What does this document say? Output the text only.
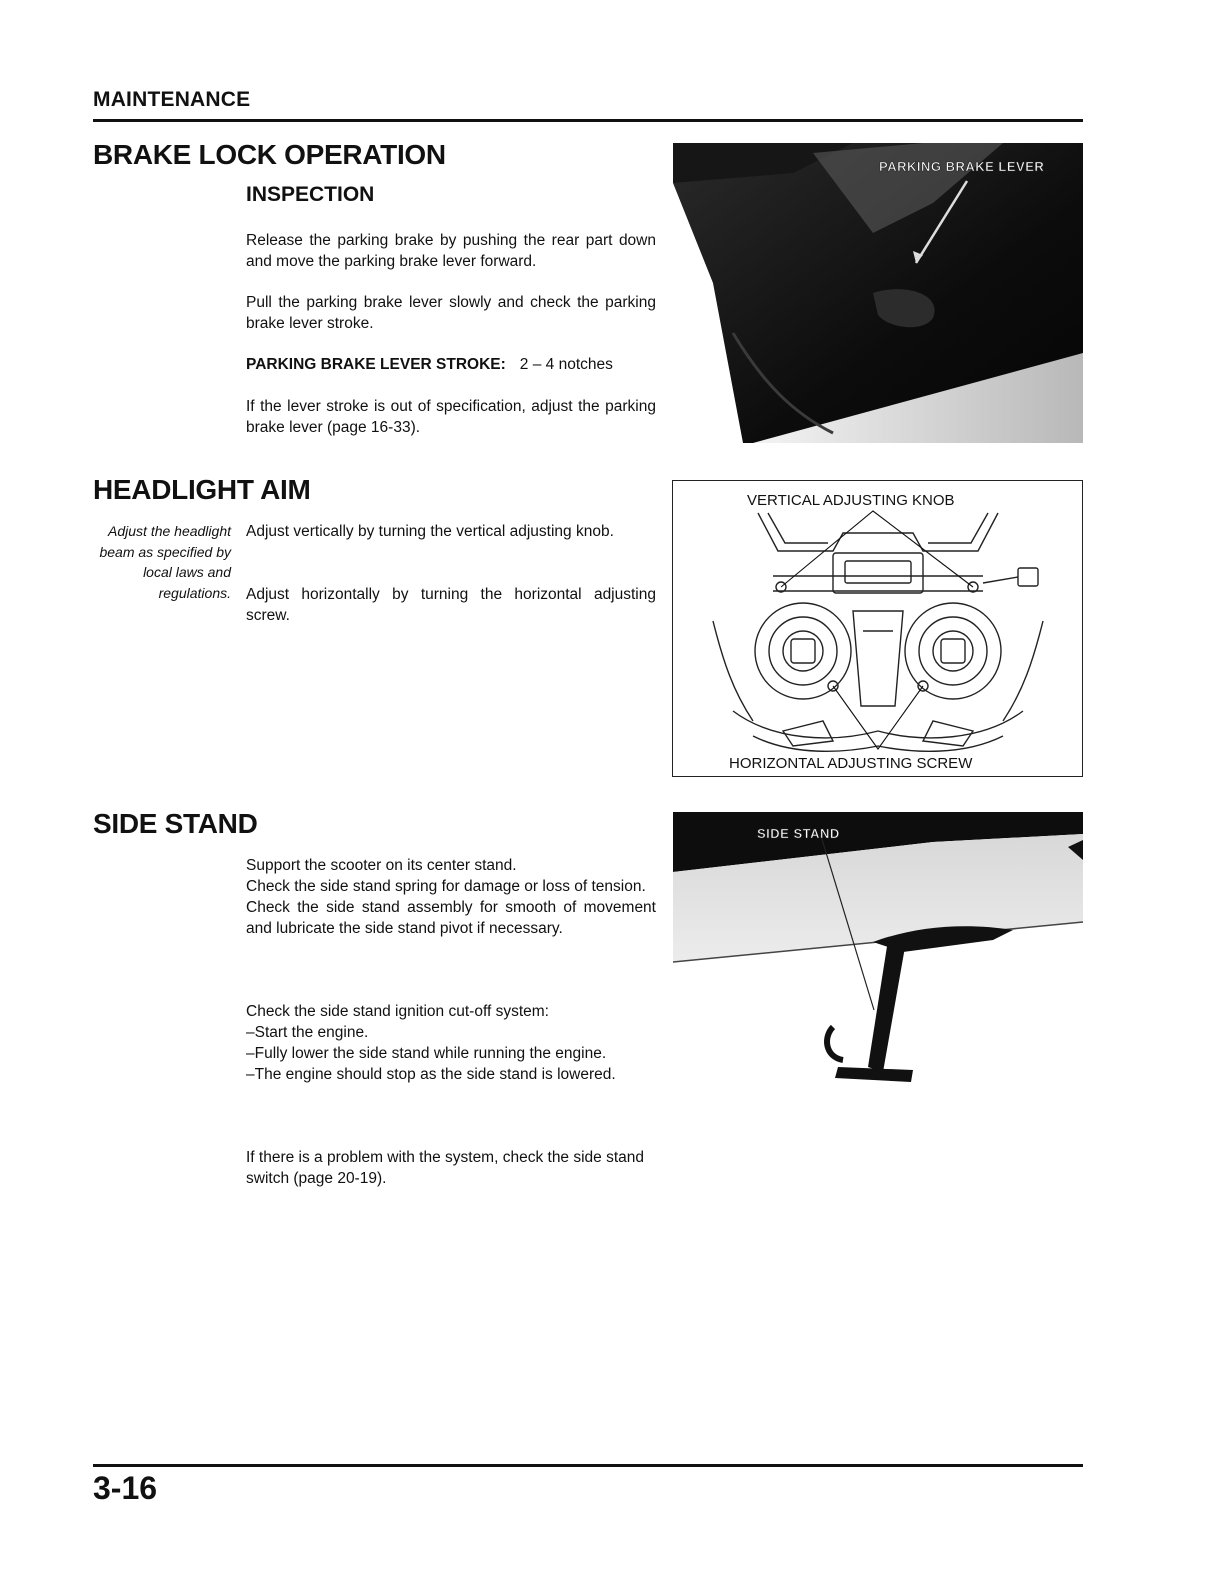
MAINTENANCE
BRAKE LOCK OPERATION
INSPECTION
Release the parking brake by pushing the rear part down and move the parking brake lever forward.
Pull the parking brake lever slowly and check the parking brake lever stroke.
PARKING BRAKE LEVER STROKE: 2 – 4 notches
If the lever stroke is out of specification, adjust the parking brake lever (page 16-33).
PARKING BRAKE LEVER
HEADLIGHT AIM
Adjust the headlight beam as specified by local laws and regulations.
Adjust vertically by turning the vertical adjusting knob.
Adjust horizontally by turning the horizontal adjusting screw.
VERTICAL ADJUSTING KNOB
HORIZONTAL ADJUSTING SCREW
SIDE STAND
Support the scooter on its center stand.
Check the side stand spring for damage or loss of tension.
Check the side stand assembly for smooth of movement and lubricate the side stand pivot if necessary.
Check the side stand ignition cut-off system:
–Start the engine.
–Fully lower the side stand while running the engine.
–The engine should stop as the side stand is lowered.
If there is a problem with the system, check the side stand switch (page 20-19).
SIDE STAND
3-16
